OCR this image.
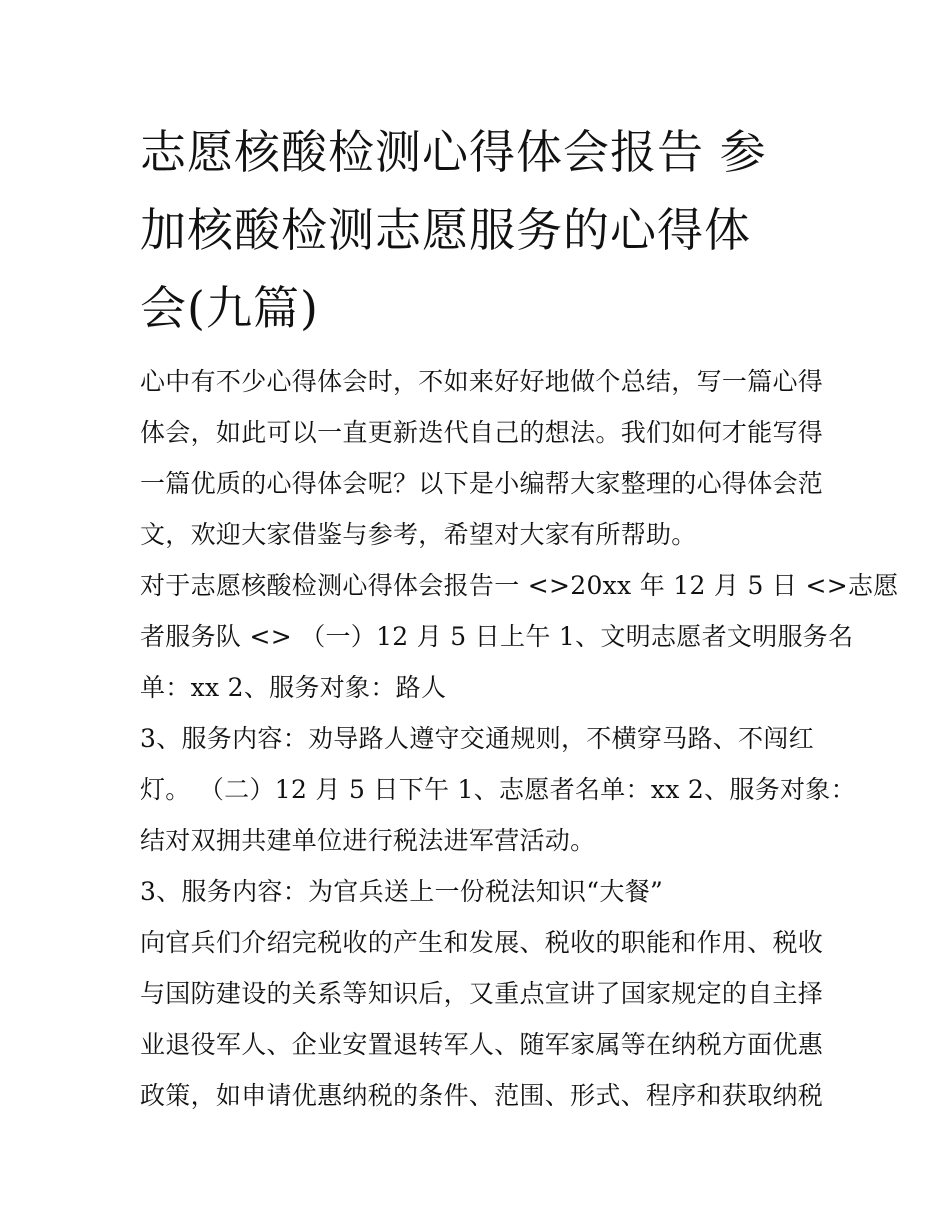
志愿核酸检测心得体会报告 参
加核酸检测志愿服务的心得体
会(九篇)
心中有不少心得体会时，不如来好好地做个总结，写一篇心得
体会，如此可以一直更新迭代自己的想法。我们如何才能写得
一篇优质的心得体会呢？以下是小编帮大家整理的心得体会范
文，欢迎大家借鉴与参考，希望对大家有所帮助。
对于志愿核酸检测心得体会报告一 <>20xx 年 12 月 5 日 <>志愿
者服务队 <> （一）12 月 5 日上午 1、文明志愿者文明服务名
单：xx 2、服务对象：路人
3、服务内容：劝导路人遵守交通规则，不横穿马路、不闯红
灯。 （二）12 月 5 日下午 1、志愿者名单：xx 2、服务对象：
结对双拥共建单位进行税法进军营活动。
3、服务内容：为官兵送上一份税法知识“大餐”
向官兵们介绍完税收的产生和发展、税收的职能和作用、税收
与国防建设的关系等知识后，又重点宣讲了国家规定的自主择
业退役军人、企业安置退转军人、随军家属等在纳税方面优惠
政策，如申请优惠纳税的条件、范围、形式、程序和获取纳税
